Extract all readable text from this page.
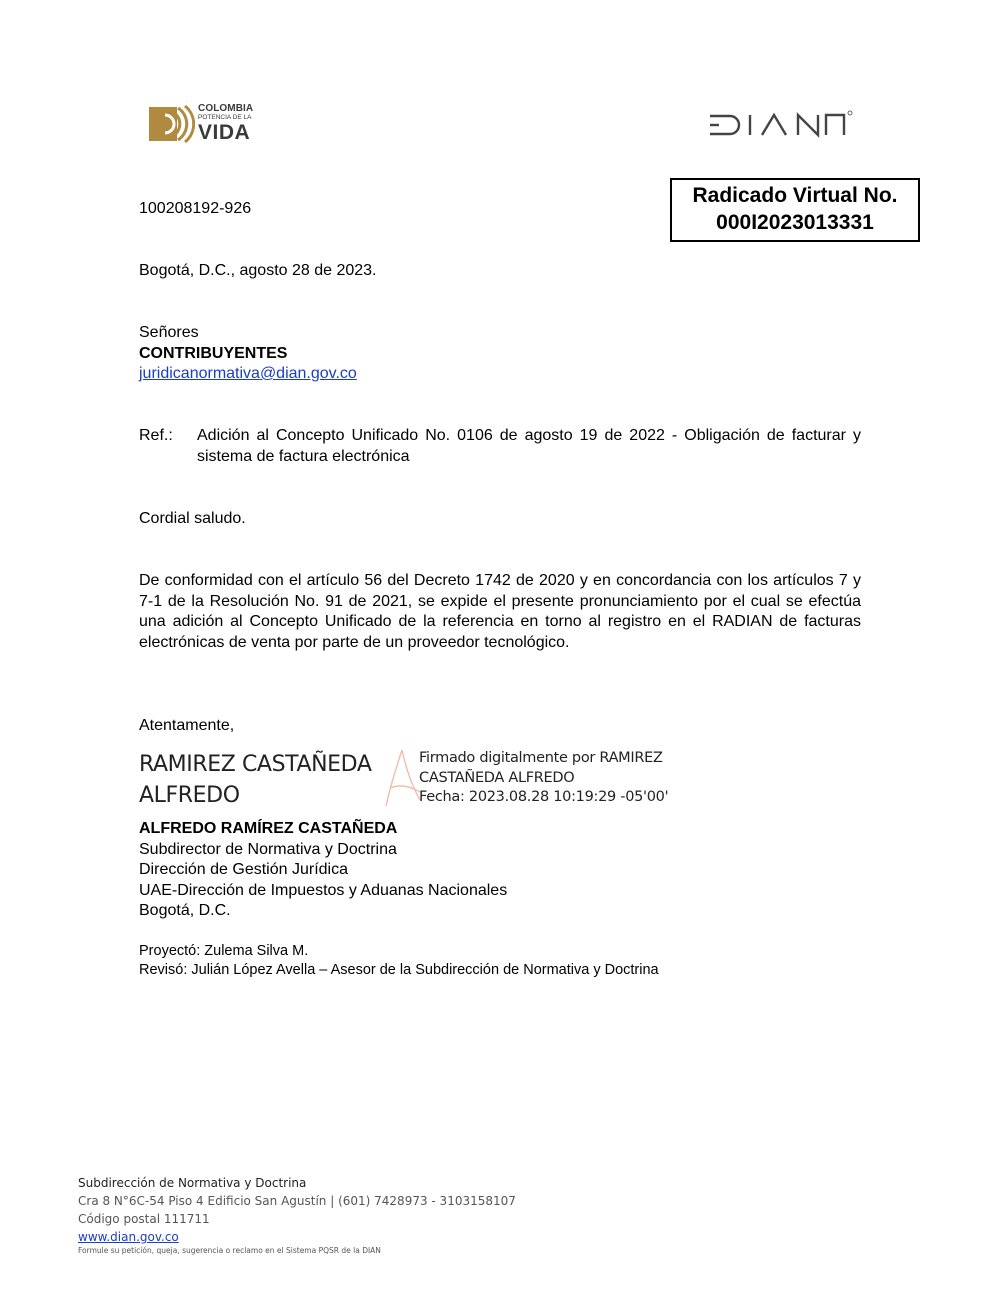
COLOMBIA
POTENCIA DE LA
VIDA
Radicado Virtual No.
000I2023013331
100208192-926
Bogotá, D.C., agosto 28 de 2023.
Señores
CONTRIBUYENTES
juridicanormativa@dian.gov.co
Ref.: Adición al Concepto Unificado No. 0106 de agosto 19 de 2022 - Obligación de facturar y sistema de factura electrónica
Cordial saludo.
De conformidad con el artículo 56 del Decreto 1742 de 2020 y en concordancia con los artículos 7 y 7-1 de la Resolución No. 91 de 2021, se expide el presente pronunciamiento por el cual se efectúa una adición al Concepto Unificado de la referencia en torno al registro en el RADIAN de facturas electrónicas de venta por parte de un proveedor tecnológico.
Atentamente,
RAMIREZ CASTAÑEDA
ALFREDO
Firmado digitalmente por RAMIREZ
CASTAÑEDA ALFREDO
Fecha: 2023.08.28 10:19:29 -05'00'
ALFREDO RAMÍREZ CASTAÑEDA
Subdirector de Normativa y Doctrina
Dirección de Gestión Jurídica
UAE-Dirección de Impuestos y Aduanas Nacionales
Bogotá, D.C.
Proyectó: Zulema Silva M.
Revisó: Julián López Avella – Asesor de la Subdirección de Normativa y Doctrina
Subdirección de Normativa y Doctrina
Cra 8 N°6C-54 Piso 4 Edificio San Agustín | (601) 7428973 - 3103158107
Código postal 111711
www.dian.gov.co
Formule su petición, queja, sugerencia o reclamo en el Sistema PQSR de la DIAN
